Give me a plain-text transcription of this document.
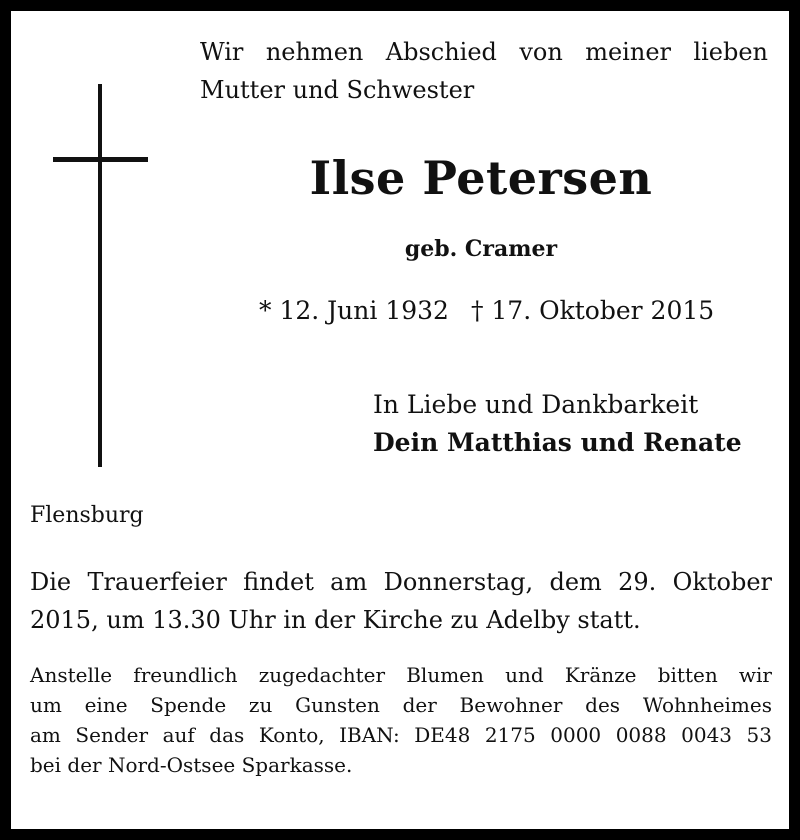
Wir nehmen Abschied von meiner lieben
Mutter und Schwester
Ilse Petersen
geb. Cramer
* 12. Juni 1932 † 17. Oktober 2015
In Liebe und Dankbarkeit
Dein Matthias und Renate
Flensburg
Die Trauerfeier findet am Donnerstag, dem 29. Oktober
2015, um 13.30 Uhr in der Kirche zu Adelby statt.
Anstelle freundlich zugedachter Blumen und Kränze bitten wir
um eine Spende zu Gunsten der Bewohner des Wohnheimes
am Sender auf das Konto, IBAN: DE48 2175 0000 0088 0043 53
bei der Nord-Ostsee Sparkasse.
